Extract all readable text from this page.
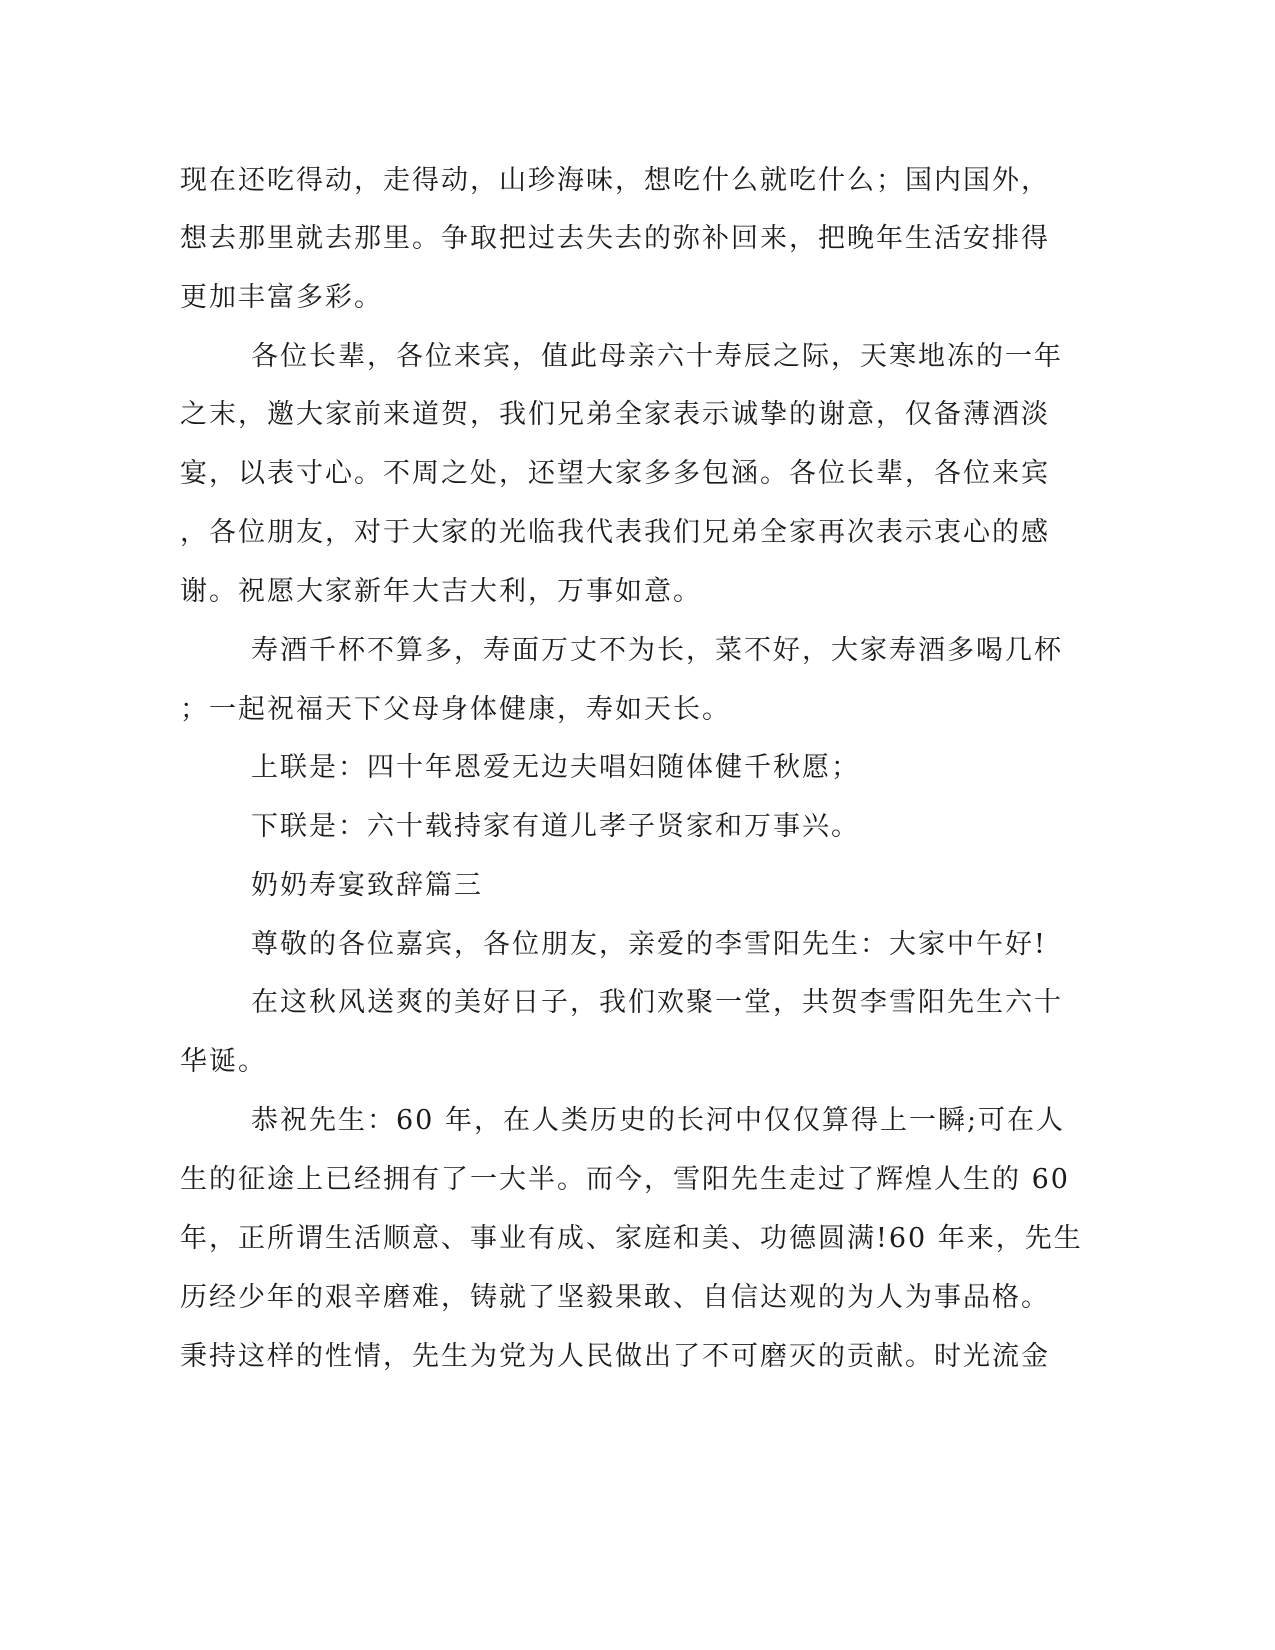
现在还吃得动，走得动，山珍海味，想吃什么就吃什么；国内国外，
想去那里就去那里。争取把过去失去的弥补回来，把晚年生活安排得
更加丰富多彩。
各位长辈，各位来宾，值此母亲六十寿辰之际，天寒地冻的一年
之末，邀大家前来道贺，我们兄弟全家表示诚挚的谢意，仅备薄酒淡
宴，以表寸心。不周之处，还望大家多多包涵。各位长辈，各位来宾
，各位朋友，对于大家的光临我代表我们兄弟全家再次表示衷心的感
谢。祝愿大家新年大吉大利，万事如意。
寿酒千杯不算多，寿面万丈不为长，菜不好，大家寿酒多喝几杯
；一起祝福天下父母身体健康，寿如天长。
上联是：四十年恩爱无边夫唱妇随体健千秋愿；
下联是：六十载持家有道儿孝子贤家和万事兴。
奶奶寿宴致辞篇三
尊敬的各位嘉宾，各位朋友，亲爱的李雪阳先生：大家中午好!
在这秋风送爽的美好日子，我们欢聚一堂，共贺李雪阳先生六十
华诞。
恭祝先生：60 年，在人类历史的长河中仅仅算得上一瞬;可在人
生的征途上已经拥有了一大半。而今，雪阳先生走过了辉煌人生的 60
年，正所谓生活顺意、事业有成、家庭和美、功德圆满!60 年来，先生
历经少年的艰辛磨难，铸就了坚毅果敢、自信达观的为人为事品格。
秉持这样的性情，先生为党为人民做出了不可磨灭的贡献。时光流金
